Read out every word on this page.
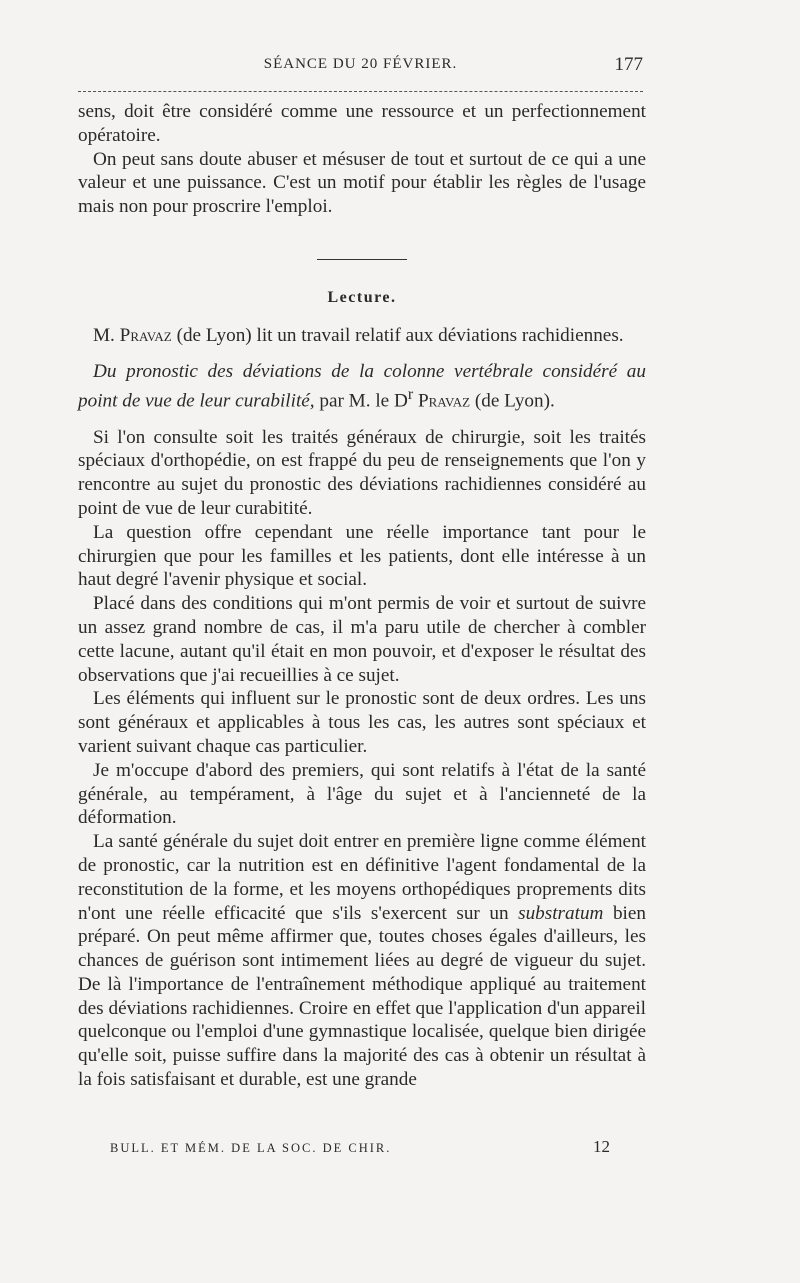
SÉANCE DU 20 FÉVRIER.	177

sens, doit être considéré comme une ressource et un perfectionnement opératoire.

On peut sans doute abuser et mésuser de tout et surtout de ce qui a une valeur et une puissance. C'est un motif pour établir les règles de l'usage mais non pour proscrire l'emploi.

Lecture.

M. Pravaz (de Lyon) lit un travail relatif aux déviations rachidiennes.

Du pronostic des déviations de la colonne vertébrale considéré au point de vue de leur curabilité, par M. le $D^r$ Pravaz (de Lyon).

Si l'on consulte soit les traités généraux de chirurgie, soit les traités spéciaux d'orthopédie, on est frappé du peu de renseignements que l'on y rencontre au sujet du pronostic des déviations rachidiennes considéré au point de vue de leur curabitité.

La question offre cependant une réelle importance tant pour le chirurgien que pour les familles et les patients, dont elle intéresse à un haut degré l'avenir physique et social.

Placé dans des conditions qui m'ont permis de voir et surtout de suivre un assez grand nombre de cas, il m'a paru utile de chercher à combler cette lacune, autant qu'il était en mon pouvoir, et d'exposer le résultat des observations que j'ai recueillies à ce sujet.

Les éléments qui influent sur le pronostic sont de deux ordres. Les uns sont généraux et applicables à tous les cas, les autres sont spéciaux et varient suivant chaque cas particulier.

Je m'occupe d'abord des premiers, qui sont relatifs à l'état de la santé générale, au tempérament, à l'âge du sujet et à l'ancienneté de la déformation.

La santé générale du sujet doit entrer en première ligne comme élément de pronostic, car la nutrition est en définitive l'agent fondamental de la reconstitution de la forme, et les moyens orthopédiques proprements dits n'ont une réelle efficacité que s'ils s'exercent sur un substratum bien préparé. On peut même affirmer que, toutes choses égales d'ailleurs, les chances de guérison sont intimement liées au degré de vigueur du sujet. De là l'importance de l'entraînement méthodique appliqué au traitement des déviations rachidiennes. Croire en effet que l'application d'un appareil quelconque ou l'emploi d'une gymnastique localisée, quelque bien dirigée qu'elle soit, puisse suffire dans la majorité des cas à obtenir un résultat à la fois satisfaisant et durable, est une grande

BULL. ET MÉM. DE LA SOC. DE CHIR.	12
